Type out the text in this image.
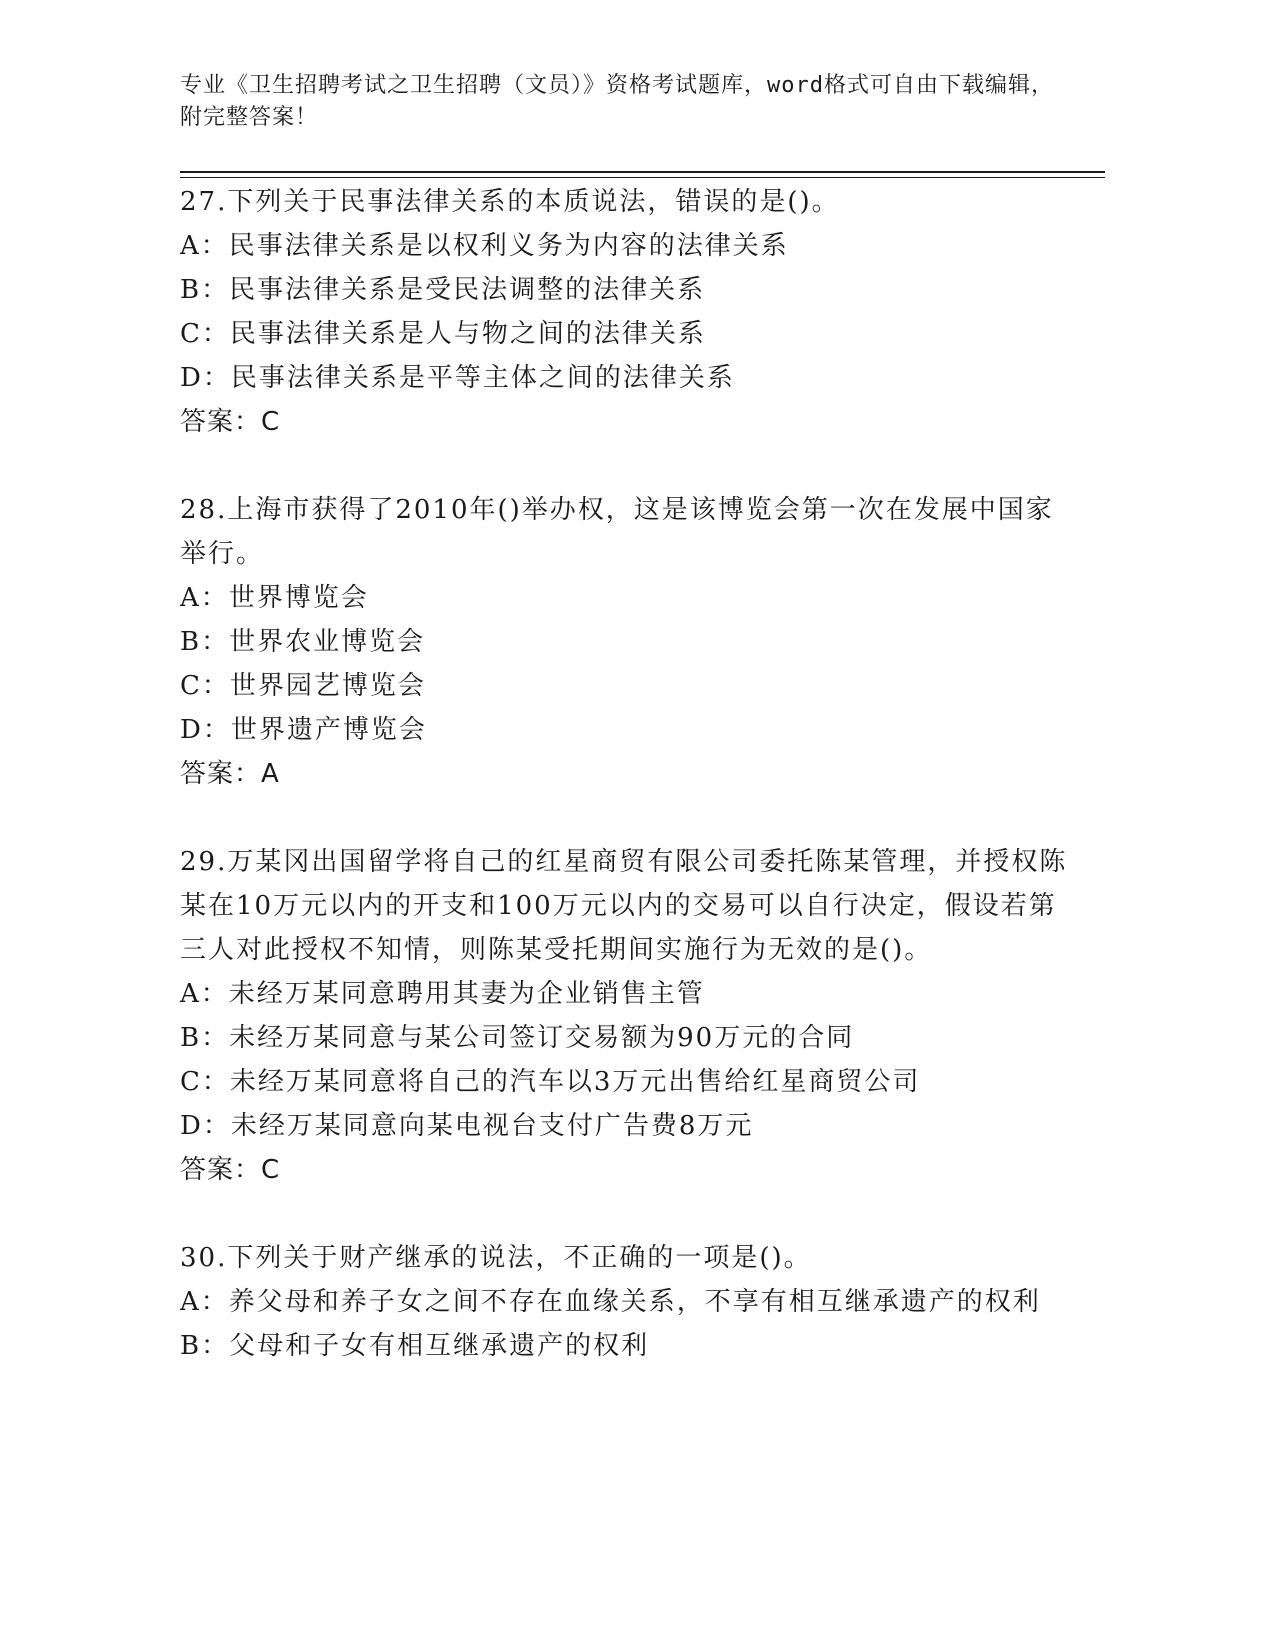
专业《卫生招聘考试之卫生招聘（文员）》资格考试题库，word格式可自由下载编辑，附完整答案！
27.下列关于民事法律关系的本质说法，错误的是()。
A：民事法律关系是以权利义务为内容的法律关系
B：民事法律关系是受民法调整的法律关系
C：民事法律关系是人与物之间的法律关系
D：民事法律关系是平等主体之间的法律关系
答案：C
28.上海市获得了2010年()举办权，这是该博览会第一次在发展中国家举行。
A：世界博览会
B：世界农业博览会
C：世界园艺博览会
D：世界遗产博览会
答案：A
29.万某冈出国留学将自己的红星商贸有限公司委托陈某管理，并授权陈某在10万元以内的开支和100万元以内的交易可以自行决定，假设若第三人对此授权不知情，则陈某受托期间实施行为无效的是()。
A：未经万某同意聘用其妻为企业销售主管
B：未经万某同意与某公司签订交易额为90万元的合同
C：未经万某同意将自己的汽车以3万元出售给红星商贸公司
D：未经万某同意向某电视台支付广告费8万元
答案：C
30.下列关于财产继承的说法，不正确的一项是()。
A：养父母和养子女之间不存在血缘关系，不享有相互继承遗产的权利
B：父母和子女有相互继承遗产的权利
